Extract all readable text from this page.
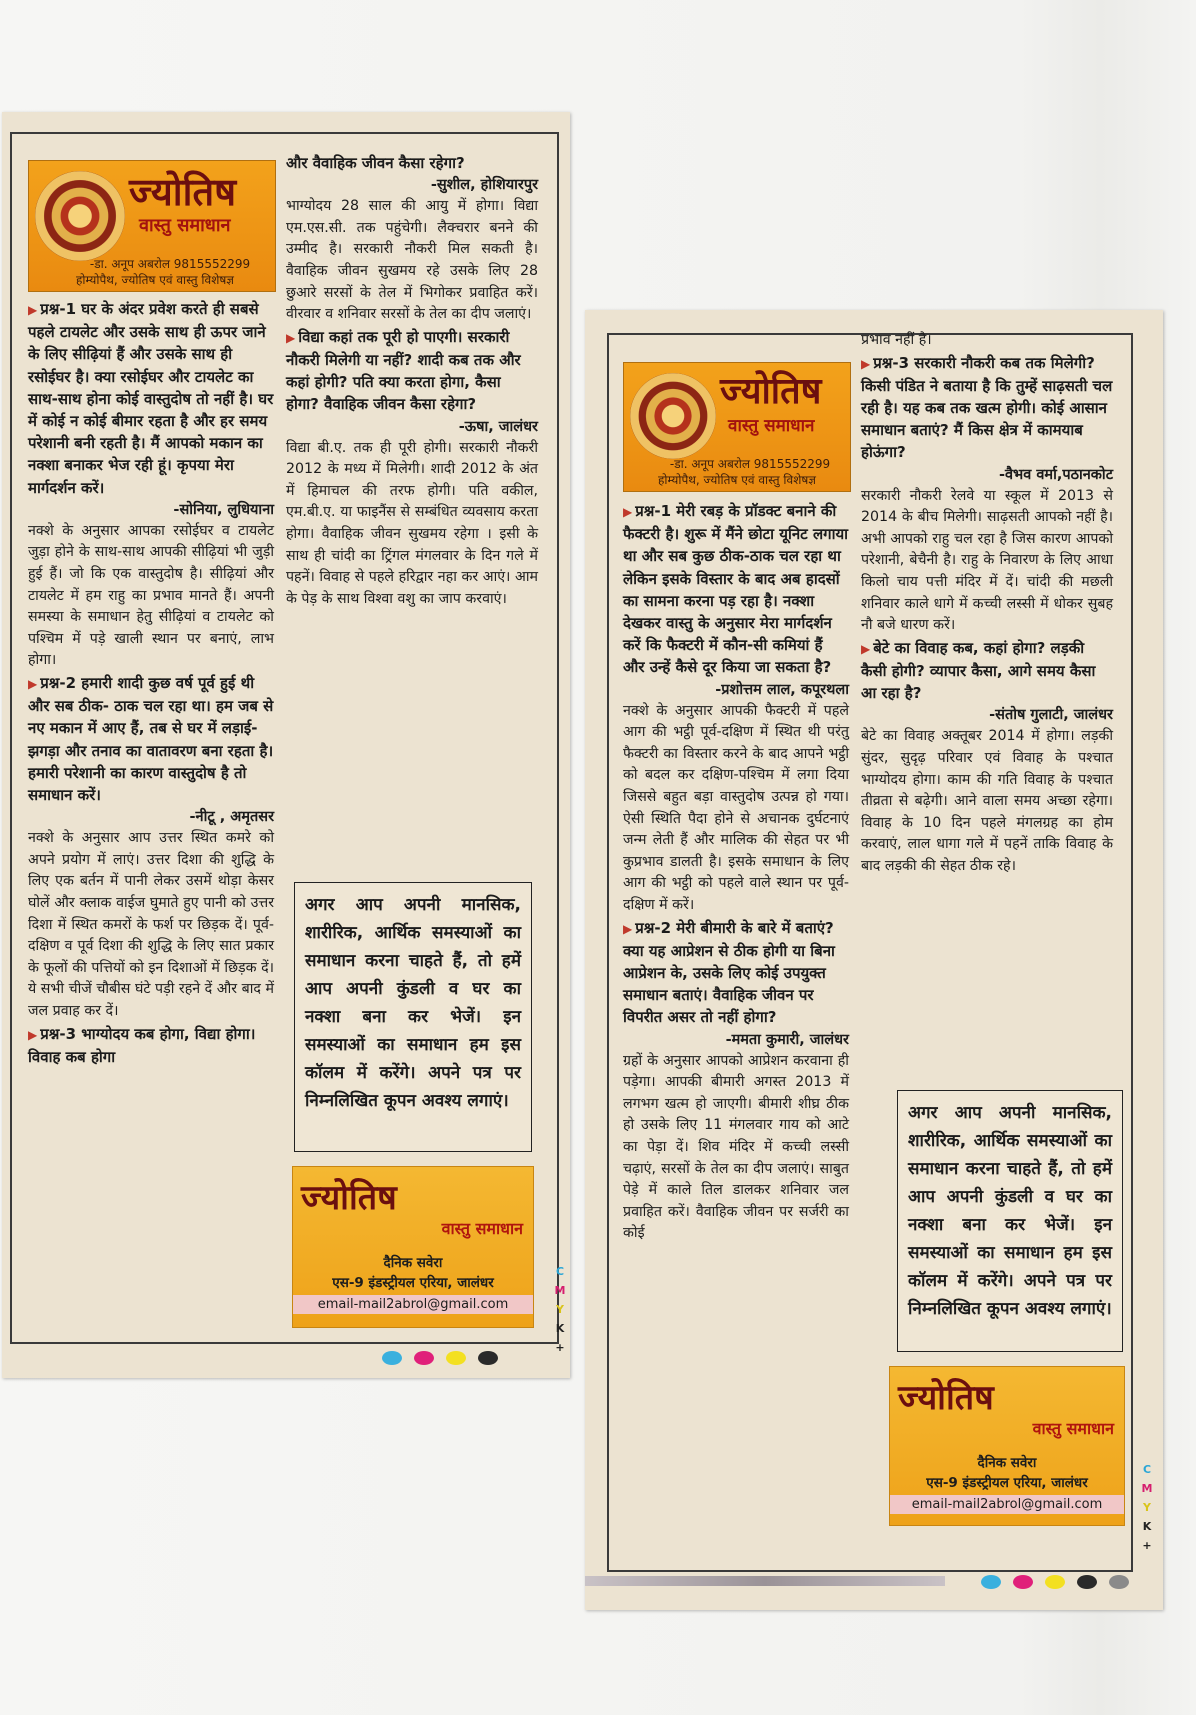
ज्योतिष
वास्तु समाधान
-डा. अनूप अबरोल 9815552299
होम्योपैथ, ज्योतिष एवं वास्तु विशेषज्ञ

▶ प्रश्न-1 घर के अंदर प्रवेश करते ही सबसे पहले टायलेट और उसके साथ ही ऊपर जाने के लिए सीढ़ियां हैं और उसके साथ ही रसोईघर है। क्या रसोईघर और टायलेट का साथ-साथ होना कोई वास्तुदोष तो नहीं है। घर में कोई न कोई बीमार रहता है और हर समय परेशानी बनी रहती है। मैं आपको मकान का नक्शा बनाकर भेज रही हूं। कृपया मेरा मार्गदर्शन करें।

-सोनिया, लुधियाना

नक्शे के अनुसार आपका रसोईघर व टायलेट जुड़ा होने के साथ-साथ आपकी सीढ़ियां भी जुड़ी हुई हैं। जो कि एक वास्तुदोष है। सीढ़ियां और टायलेट में हम राहु का प्रभाव मानते हैं। अपनी समस्या के समाधान हेतु सीढ़ियां व टायलेट को पश्चिम में पड़े खाली स्थान पर बनाएं, लाभ होगा।

▶ प्रश्न-2 हमारी शादी कुछ वर्ष पूर्व हुई थी और सब ठीक- ठाक चल रहा था। हम जब से नए मकान में आए हैं, तब से घर में लड़ाई-झगड़ा और तनाव का वातावरण बना रहता है। हमारी परेशानी का कारण वास्तुदोष है तो समाधान करें।

-नीटू , अमृतसर

नक्शे के अनुसार आप उत्तर स्थित कमरे को अपने प्रयोग में लाएं। उत्तर दिशा की शुद्धि के लिए एक बर्तन में पानी लेकर उसमें थोड़ा केसर घोलें और क्लाक वाईज घुमाते हुए पानी को उत्तर दिशा में स्थित कमरों के फर्श पर छिड़क दें। पूर्व-दक्षिण व पूर्व दिशा की शुद्धि के लिए सात प्रकार के फूलों की पत्तियों को इन दिशाओं में छिड़क दें। ये सभी चीजें चौबीस घंटे पड़ी रहने दें और बाद में जल प्रवाह कर दें।

▶ प्रश्न-3 भाग्योदय कब होगा, विद्या होगा। विवाह कब होगा

और वैवाहिक जीवन कैसा रहेगा?

-सुशील, होशियारपुर

भाग्योदय 28 साल की आयु में होगा। विद्या एम.एस.सी. तक पहुंचेगी। लैक्चरार बनने की उम्मीद है। सरकारी नौकरी मिल सकती है। वैवाहिक जीवन सुखमय रहे उसके लिए 28 छुआरे सरसों के तेल में भिगोकर प्रवाहित करें। वीरवार व शनिवार सरसों के तेल का दीप जलाएं।

▶ विद्या कहां तक पूरी हो पाएगी। सरकारी नौकरी मिलेगी या नहीं? शादी कब तक और कहां होगी? पति क्या करता होगा, कैसा होगा? वैवाहिक जीवन कैसा रहेगा?

-ऊषा, जालंधर

विद्या बी.ए. तक ही पूरी होगी। सरकारी नौकरी 2012 के मध्य में मिलेगी। शादी 2012 के अंत में हिमाचल की तरफ होगी। पति वकील, एम.बी.ए. या फाइनैंस से सम्बंधित व्यवसाय करता होगा। वैवाहिक जीवन सुखमय रहेगा । इसी के साथ ही चांदी का ट्रिंगल मंगलवार के दिन गले में पहनें। विवाह से पहले हरिद्वार नहा कर आएं। आम के पेड़ के साथ विश्वा वशु का जाप करवाएं।

अगर आप अपनी मानसिक, शारीरिक, आर्थिक समस्याओं का समाधान करना चाहते हैं, तो हमें आप अपनी कुंडली व घर का नक्शा बना कर भेजें। इन समस्याओं का समाधान हम इस कॉलम में करेंगे। अपने पत्र पर निम्नलिखित कूपन अवश्य लगाएं।
ज्योतिष
वास्तु समाधान
दैनिक सवेरा
एस-9 इंडस्ट्रीयल एरिया, जालंधर
email-mail2abrol@gmail.com
C
M
Y
K
+
ज्योतिष
वास्तु समाधान
-डा. अनूप अबरोल 9815552299
होम्योपैथ, ज्योतिष एवं वास्तु विशेषज्ञ

▶ प्रश्न-1 मेरी रबड़ के प्रॉडक्ट बनाने की फैक्टरी है। शुरू में मैंने छोटा यूनिट लगाया था और सब कुछ ठीक-ठाक चल रहा था लेकिन इसके विस्तार के बाद अब हादसों का सामना करना पड़ रहा है। नक्शा देखकर वास्तु के अनुसार मेरा मार्गदर्शन करें कि फैक्टरी में कौन-सी कमियां हैं और उन्हें कैसे दूर किया जा सकता है?

-प्रशोत्तम लाल, कपूरथला

नक्शे के अनुसार आपकी फैक्टरी में पहले आग की भट्ठी पूर्व-दक्षिण में स्थित थी परंतु फैक्टरी का विस्तार करने के बाद आपने भट्ठी को बदल कर दक्षिण-पश्चिम में लगा दिया जिससे बहुत बड़ा वास्तुदोष उत्पन्न हो गया। ऐसी स्थिति पैदा होने से अचानक दुर्घटनाएं जन्म लेती हैं और मालिक की सेहत पर भी कुप्रभाव डालती है। इसके समाधान के लिए आग की भट्ठी को पहले वाले स्थान पर पूर्व-दक्षिण में करें।

▶ प्रश्न-2 मेरी बीमारी के बारे में बताएं? क्या यह आप्रेशन से ठीक होगी या बिना आप्रेशन के, उसके लिए कोई उपयुक्त समाधान बताएं। वैवाहिक जीवन पर विपरीत असर तो नहीं होगा?

-ममता कुमारी, जालंधर

ग्रहों के अनुसार आपको आप्रेशन करवाना ही पड़ेगा। आपकी बीमारी अगस्त 2013 में लगभग खत्म हो जाएगी। बीमारी शीघ्र ठीक हो उसके लिए 11 मंगलवार गाय को आटे का पेड़ा दें। शिव मंदिर में कच्ची लस्सी चढ़ाएं, सरसों के तेल का दीप जलाएं। साबुत पेड़े में काले तिल डालकर शनिवार जल प्रवाहित करें। वैवाहिक जीवन पर सर्जरी का कोई

प्रभाव नहीं है।

▶ प्रश्न-3 सरकारी नौकरी कब तक मिलेगी? किसी पंडित ने बताया है कि तुम्हें साढ़सती चल रही है। यह कब तक खत्म होगी। कोई आसान समाधान बताएं? मैं किस क्षेत्र में कामयाब होऊंगा?

-वैभव वर्मा,पठानकोट

सरकारी नौकरी रेलवे या स्कूल में 2013 से 2014 के बीच मिलेगी। साढ़सती आपको नहीं है। अभी आपको राहु चल रहा है जिस कारण आपको परेशानी, बेचैनी है। राहु के निवारण के लिए आधा किलो चाय पत्ती मंदिर में दें। चांदी की मछली शनिवार काले धागे में कच्ची लस्सी में धोकर सुबह नौ बजे धारण करें।

▶ बेटे का विवाह कब, कहां होगा? लड़की कैसी होगी? व्यापार कैसा, आगे समय कैसा आ रहा है?

-संतोष गुलाटी, जालंधर

बेटे का विवाह अक्तूबर 2014 में होगा। लड़की सुंदर, सुदृढ़ परिवार एवं विवाह के पश्चात भाग्योदय होगा। काम की गति विवाह के पश्चात तीव्रता से बढ़ेगी। आने वाला समय अच्छा रहेगा। विवाह के 10 दिन पहले मंगलग्रह का होम करवाएं, लाल धागा गले में पहनें ताकि विवाह के बाद लड़की की सेहत ठीक रहे।

अगर आप अपनी मानसिक, शारीरिक, आर्थिक समस्याओं का समाधान करना चाहते हैं, तो हमें आप अपनी कुंडली व घर का नक्शा बना कर भेजें। इन समस्याओं का समाधान हम इस कॉलम में करेंगे। अपने पत्र पर निम्नलिखित कूपन अवश्य लगाएं।
ज्योतिष
वास्तु समाधान
दैनिक सवेरा
एस-9 इंडस्ट्रीयल एरिया, जालंधर
email-mail2abrol@gmail.com
C
M
Y
K
+
